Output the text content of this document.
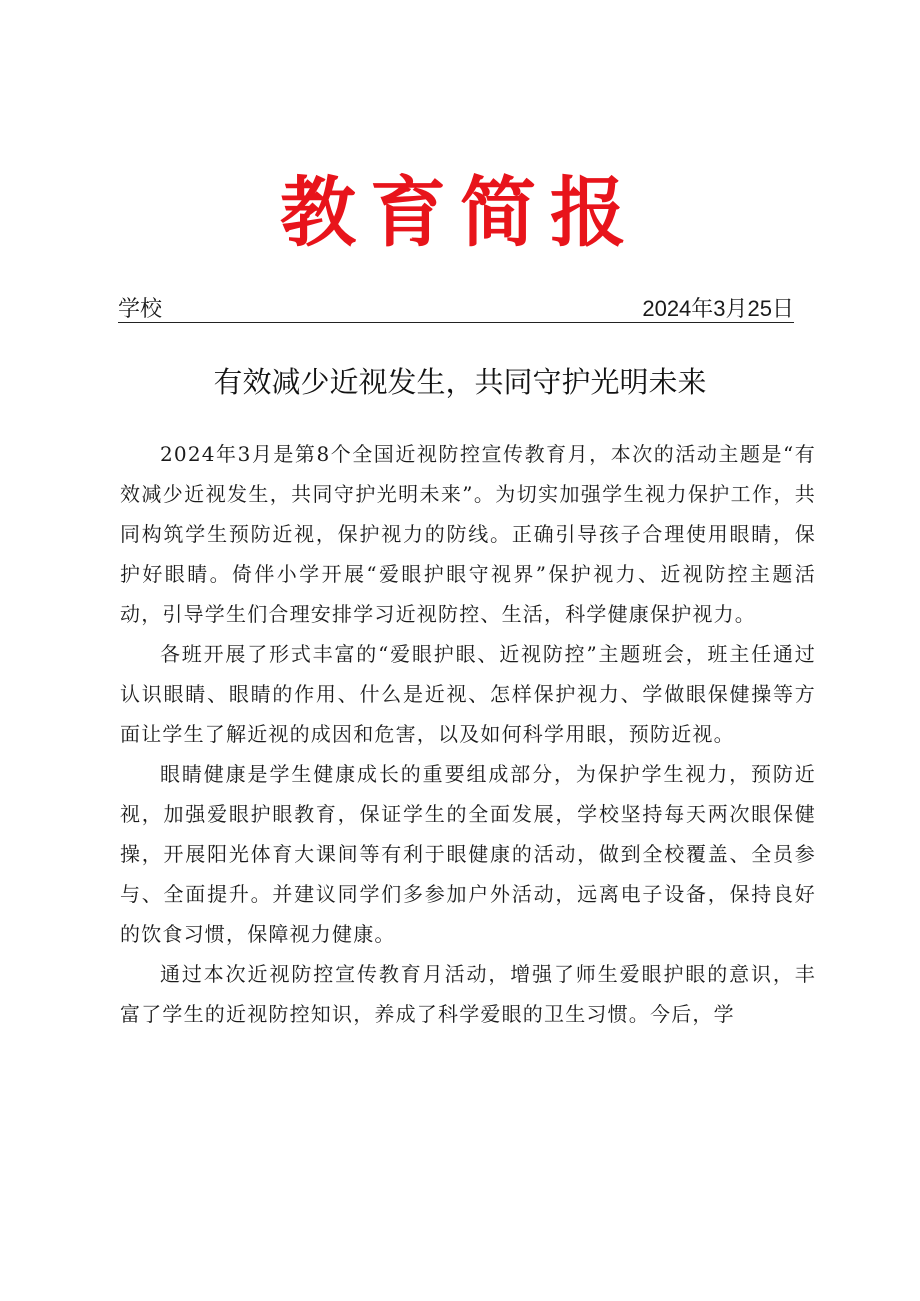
教育简报
学校	2024年3月25日
有效减少近视发生，共同守护光明未来

2024年3月是第8个全国近视防控宣传教育月，本次的活动主题是“有效减少近视发生，共同守护光明未来”。为切实加强学生视力保护工作，共同构筑学生预防近视，保护视力的防线。正确引导孩子合理使用眼睛，保护好眼睛。倚伴小学开展“爱眼护眼守视界”保护视力、近视防控主题活动，引导学生们合理安排学习近视防控、生活，科学健康保护视力。

各班开展了形式丰富的“爱眼护眼、近视防控”主题班会，班主任通过认识眼睛、眼睛的作用、什么是近视、怎样保护视力、学做眼保健操等方面让学生了解近视的成因和危害，以及如何科学用眼，预防近视。

眼睛健康是学生健康成长的重要组成部分，为保护学生视力，预防近视，加强爱眼护眼教育，保证学生的全面发展，学校坚持每天两次眼保健操，开展阳光体育大课间等有利于眼健康的活动，做到全校覆盖、全员参与、全面提升。并建议同学们多参加户外活动，远离电子设备，保持良好的饮食习惯，保障视力健康。

通过本次近视防控宣传教育月活动，增强了师生爱眼护眼的意识，丰富了学生的近视防控知识，养成了科学爱眼的卫生习惯。今后，学
